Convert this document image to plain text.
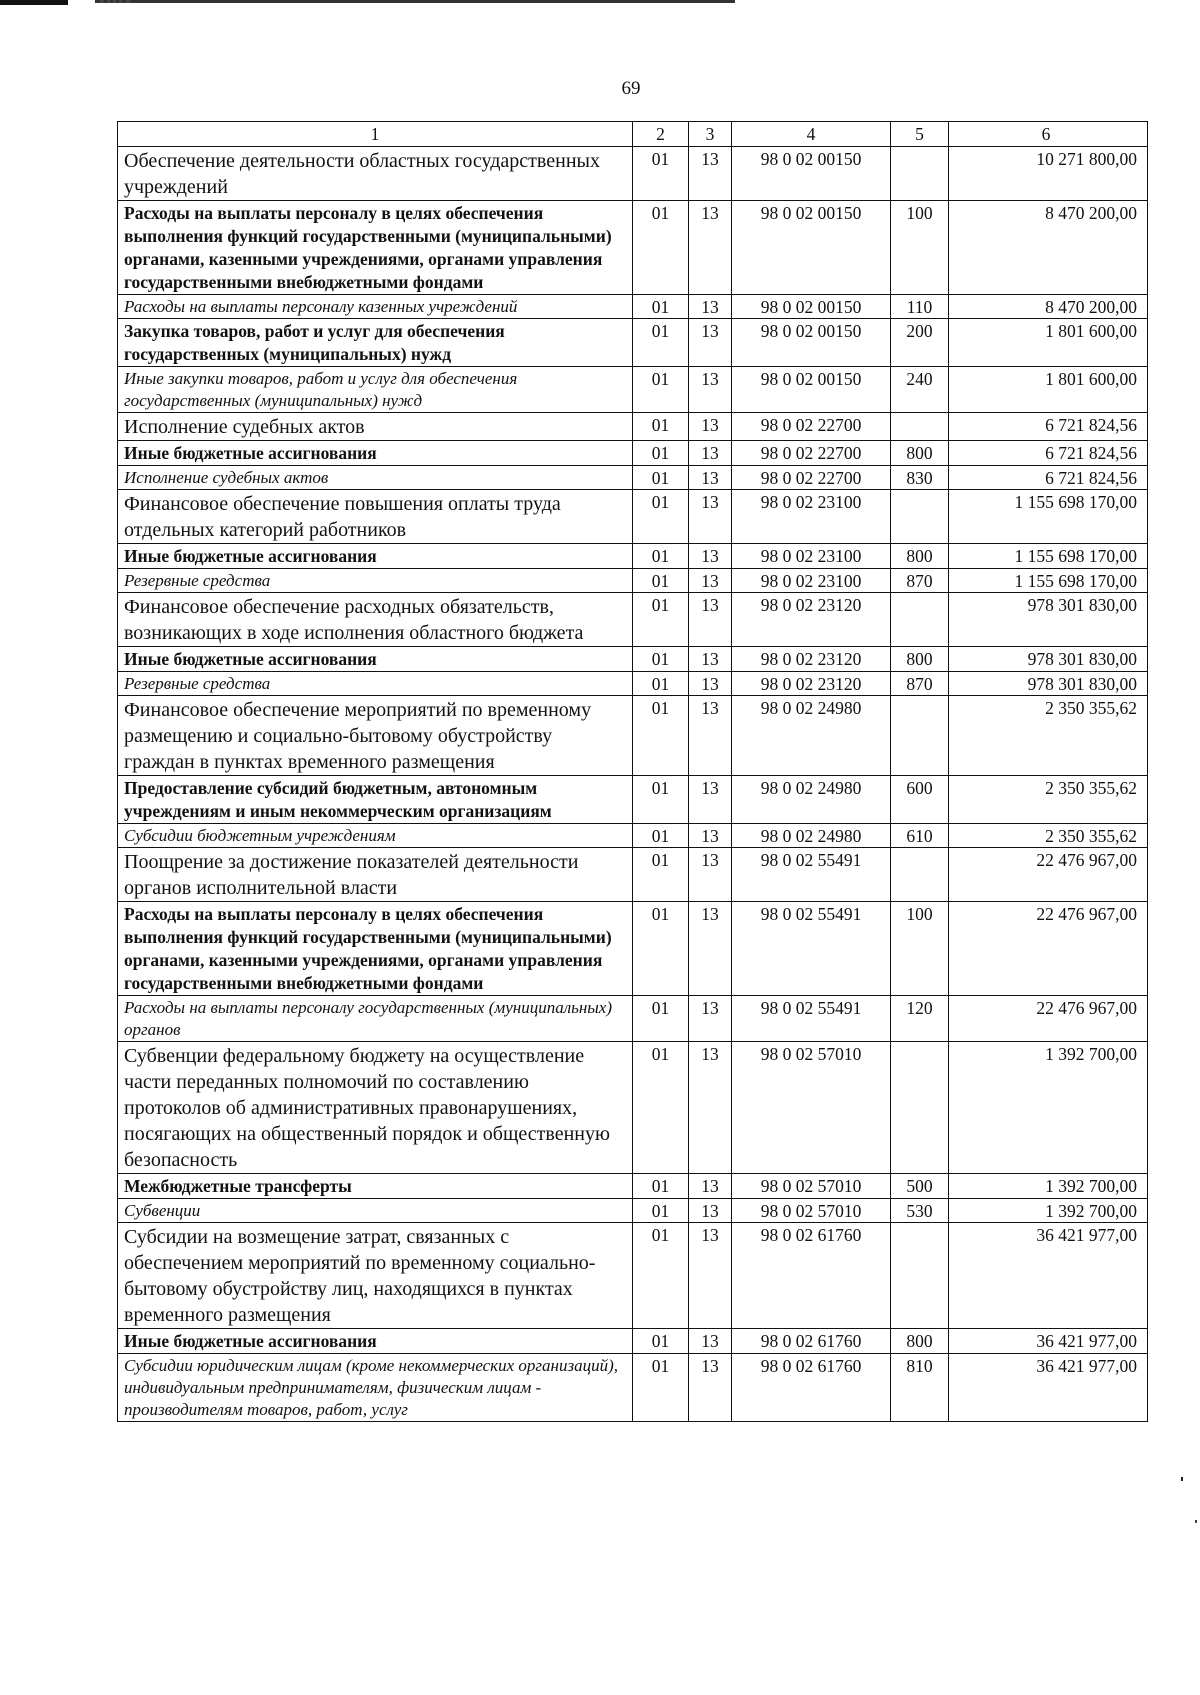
69
1	2	3	4	5	6
Обеспечение деятельности областных государственных учреждений	01	13	98 0 02 00150		10 271 800,00
Расходы на выплаты персоналу в целях обеспечения выполнения функций государственными (муниципальными) органами, казенными учреждениями, органами управления государственными внебюджетными фондами	01	13	98 0 02 00150	100	8 470 200,00
Расходы на выплаты персоналу казенных учреждений	01	13	98 0 02 00150	110	8 470 200,00
Закупка товаров, работ и услуг для обеспечения государственных (муниципальных) нужд	01	13	98 0 02 00150	200	1 801 600,00
Иные закупки товаров, работ и услуг для обеспечения государственных (муниципальных) нужд	01	13	98 0 02 00150	240	1 801 600,00
Исполнение судебных актов	01	13	98 0 02 22700		6 721 824,56
Иные бюджетные ассигнования	01	13	98 0 02 22700	800	6 721 824,56
Исполнение судебных актов	01	13	98 0 02 22700	830	6 721 824,56
Финансовое обеспечение повышения оплаты труда отдельных категорий работников	01	13	98 0 02 23100		1 155 698 170,00
Иные бюджетные ассигнования	01	13	98 0 02 23100	800	1 155 698 170,00
Резервные средства	01	13	98 0 02 23100	870	1 155 698 170,00
Финансовое обеспечение расходных обязательств, возникающих в ходе исполнения областного бюджета	01	13	98 0 02 23120		978 301 830,00
Иные бюджетные ассигнования	01	13	98 0 02 23120	800	978 301 830,00
Резервные средства	01	13	98 0 02 23120	870	978 301 830,00
Финансовое обеспечение мероприятий по временному размещению и социально-бытовому обустройству граждан в пунктах временного размещения	01	13	98 0 02 24980		2 350 355,62
Предоставление субсидий бюджетным, автономным учреждениям и иным некоммерческим организациям	01	13	98 0 02 24980	600	2 350 355,62
Субсидии бюджетным учреждениям	01	13	98 0 02 24980	610	2 350 355,62
Поощрение за достижение показателей деятельности органов исполнительной власти	01	13	98 0 02 55491		22 476 967,00
Расходы на выплаты персоналу в целях обеспечения выполнения функций государственными (муниципальными) органами, казенными учреждениями, органами управления государственными внебюджетными фондами	01	13	98 0 02 55491	100	22 476 967,00
Расходы на выплаты персоналу государственных (муниципальных) органов	01	13	98 0 02 55491	120	22 476 967,00
Субвенции федеральному бюджету на осуществление части переданных полномочий по составлению протоколов об административных правонарушениях, посягающих на общественный порядок и общественную безопасность	01	13	98 0 02 57010		1 392 700,00
Межбюджетные трансферты	01	13	98 0 02 57010	500	1 392 700,00
Субвенции	01	13	98 0 02 57010	530	1 392 700,00
Субсидии на возмещение затрат, связанных с обеспечением мероприятий по временному социально-бытовому обустройству лиц, находящихся в пунктах временного размещения	01	13	98 0 02 61760		36 421 977,00
Иные бюджетные ассигнования	01	13	98 0 02 61760	800	36 421 977,00
Субсидии юридическим лицам (кроме некоммерческих организаций), индивидуальным предпринимателям, физическим лицам - производителям товаров, работ, услуг	01	13	98 0 02 61760	810	36 421 977,00
